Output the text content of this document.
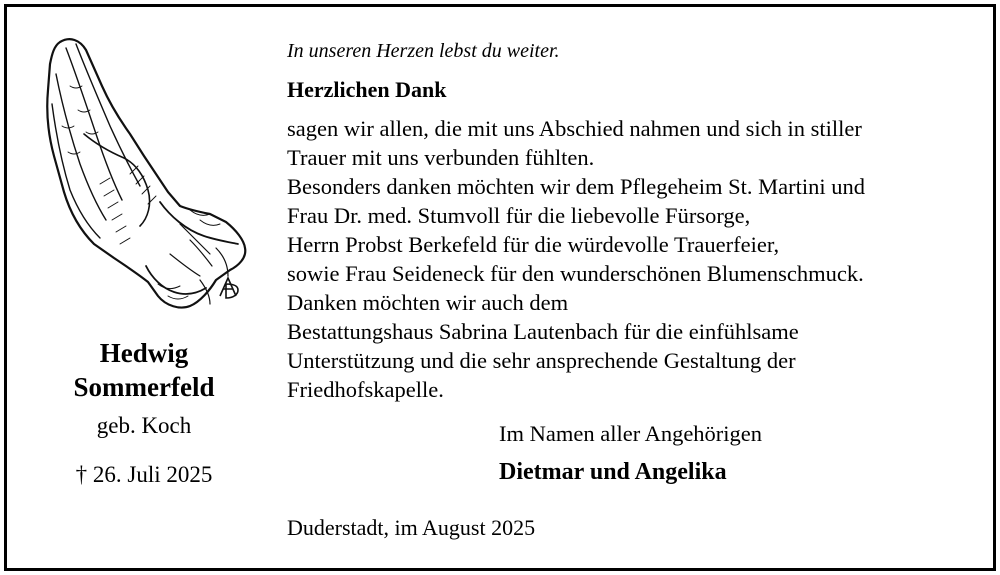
Hedwig
Sommerfeld
geb. Koch
† 26. Juli 2025
In unseren Herzen lebst du weiter.
Herzlichen Dank
sagen wir allen, die mit uns Abschied nahmen und sich in stiller
Trauer mit uns verbunden fühlten.
Besonders danken möchten wir dem Pflegeheim St. Martini und
Frau Dr. med. Stumvoll für die liebevolle Fürsorge,
Herrn Probst Berkefeld für die würdevolle Trauerfeier,
sowie Frau Seideneck für den wunderschönen Blumenschmuck.
Danken möchten wir auch dem
Bestattungshaus Sabrina Lautenbach für die einfühlsame
Unterstützung und die sehr ansprechende Gestaltung der
Friedhofskapelle.
Im Namen aller Angehörigen
Dietmar und Angelika
Duderstadt, im August 2025
